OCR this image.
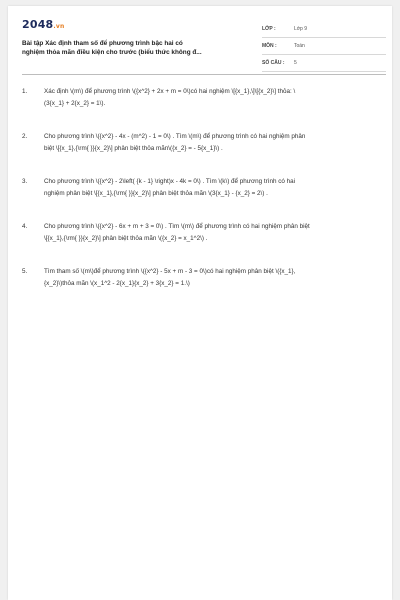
2048.vn
Bài tập Xác định tham số để phương trình bậc hai có
nghiệm thỏa mãn điều kiện cho trước (biểu thức không đ...
LỚP :	Lớp 9
MÔN :	Toán
SỐ CÂU : 5
1.	Xác định \(m\) để phương trình \({x^2} + 2x + m = 0\)có hai nghiệm \[{x_1},\]\[{x_2}\] thỏa: \
(3{x_1} + 2{x_2} = 1\).
2.	Cho phương trình \({x^2} - 4x - (m^2) - 1 = 0\) . Tìm \(m\) để phương trình có hai nghiệm phân
biệt \[{x_1},{\rm{ }}{x_2}\] phân biệt thỏa mãn\({x_2} = - 5{x_1}\) .
3.	Cho phương trình \({x^2} - 2\left( {k - 1} \right)x - 4k = 0\) . Tìm \(k\) để phương trình có hai
nghiệm phân biệt \[{x_1},{\rm{ }}{x_2}\] phân biệt thỏa mãn \(3{x_1} - {x_2} = 2\) .
4.	Cho phương trình \({x^2} - 6x + m + 3 = 0\) . Tìm \(m\) để phương trình có hai nghiệm phân biệt
\[{x_1},{\rm{ }}{x_2}\] phân biệt thỏa mãn \({x_2} = x_1^2\) .
5.	Tìm tham số \(m\)để phương trình \({x^2} - 5x + m - 3 = 0\)có hai nghiệm phân biệt \({x_1},
{x_2}\)thỏa mãn \(x_1^2 - 2{x_1}{x_2} + 3{x_2} = 1.\)
